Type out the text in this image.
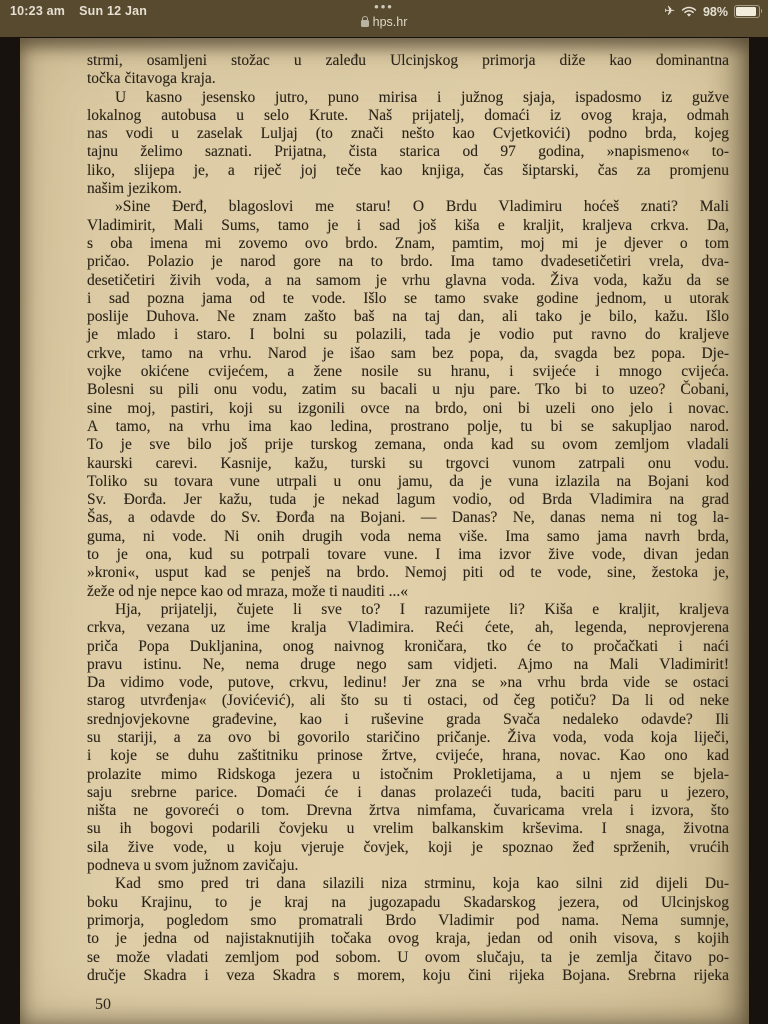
10:23 am Sun 12 Jan	•••
hps.hr
✈ 98%
strmi, osamljeni stožac u zaleđu Ulcinjskog primorja diže kao dominantna
točka čitavoga kraja.
U kasno jesensko jutro, puno mirisa i južnog sjaja, ispadosmo iz gužve
lokalnog autobusa u selo Krute. Naš prijatelj, domaći iz ovog kraja, odmah
nas vodi u zaselak Luljaj (to znači nešto kao Cvjetkovići) podno brda, kojeg
tajnu želimo saznati. Prijatna, čista starica od 97 godina, »napismeno« to-
liko, slijepa je, a riječ joj teče kao knjiga, čas šiptarski, čas za promjenu
našim jezikom.
»Sine Đerđ, blagoslovi me staru! O Brdu Vladimiru hoćeš znati? Mali
Vladimirit, Mali Sums, tamo je i sad još kiša e kraljit, kraljeva crkva. Da,
s oba imena mi zovemo ovo brdo. Znam, pamtim, moj mi je djever o tom
pričao. Polazio je narod gore na to brdo. Ima tamo dvadesetičetiri vrela, dva-
desetičetiri živih voda, a na samom je vrhu glavna voda. Živa voda, kažu da se
i sad pozna jama od te vode. Išlo se tamo svake godine jednom, u utorak
poslije Duhova. Ne znam zašto baš na taj dan, ali tako je bilo, kažu. Išlo
je mlado i staro. I bolni su polazili, tada je vodio put ravno do kraljeve
crkve, tamo na vrhu. Narod je išao sam bez popa, da, svagda bez popa. Dje-
vojke okićene cvijećem, a žene nosile su hranu, i svijeće i mnogo cvijeća.
Bolesni su pili onu vodu, zatim su bacali u nju pare. Tko bi to uzeo? Čobani,
sine moj, pastiri, koji su izgonili ovce na brdo, oni bi uzeli ono jelo i novac.
A tamo, na vrhu ima kao ledina, prostrano polje, tu bi se sakupljao narod.
To je sve bilo još prije turskog zemana, onda kad su ovom zemljom vladali
kaurski carevi. Kasnije, kažu, turski su trgovci vunom zatrpali onu vodu.
Toliko su tovara vune utrpali u onu jamu, da je vuna izlazila na Bojani kod
Sv. Đorđa. Jer kažu, tuda je nekad lagum vodio, od Brda Vladimira na grad
Šas, a odavde do Sv. Đorđa na Bojani. — Danas? Ne, danas nema ni tog la-
guma, ni vode. Ni onih drugih voda nema više. Ima samo jama navrh brda,
to je ona, kud su potrpali tovare vune. I ima izvor žive vode, divan jedan
»kroni«, usput kad se penješ na brdo. Nemoj piti od te vode, sine, žestoka je,
žeže od nje nepce kao od mraza, može ti nauditi ...«
Hja, prijatelji, čujete li sve to? I razumijete li? Kiša e kraljit, kraljeva
crkva, vezana uz ime kralja Vladimira. Reći ćete, ah, legenda, neprovjerena
priča Popa Dukljanina, onog naivnog kroničara, tko će to pročačkati i naći
pravu istinu. Ne, nema druge nego sam vidjeti. Ajmo na Mali Vladimirit!
Da vidimo vode, putove, crkvu, ledinu! Jer zna se »na vrhu brda vide se ostaci
starog utvrđenja« (Jovićević), ali što su ti ostaci, od čeg potiču? Da li od neke
srednjovjekovne građevine, kao i ruševine grada Svača nedaleko odavde? Ili
su stariji, a za ovo bi govorilo staričino pričanje. Živa voda, voda koja liječi,
i koje se duhu zaštitniku prinose žrtve, cvijeće, hrana, novac. Kao ono kad
prolazite mimo Ridskoga jezera u istočnim Prokletijama, a u njem se bjela-
saju srebrne parice. Domaći će i danas prolazeći tuda, baciti paru u jezero,
ništa ne govoreći o tom. Drevna žrtva nimfama, čuvaricama vrela i izvora, što
su ih bogovi podarili čovjeku u vrelim balkanskim krševima. I snaga, životna
sila žive vode, u koju vjeruje čovjek, koji je spoznao žeđ sprženih, vrućih
podneva u svom južnom zavičaju.
Kad smo pred tri dana silazili niza strminu, koja kao silni zid dijeli Du-
boku Krajinu, to je kraj na jugozapadu Skadarskog jezera, od Ulcinjskog
primorja, pogledom smo promatrali Brdo Vladimir pod nama. Nema sumnje,
to je jedna od najistaknutijih točaka ovog kraja, jedan od onih visova, s kojih
se može vladati zemljom pod sobom. U ovom slučaju, ta je zemlja čitavo po-
dručje Skadra i veza Skadra s morem, koju čini rijeka Bojana. Srebrna rijeka
50
